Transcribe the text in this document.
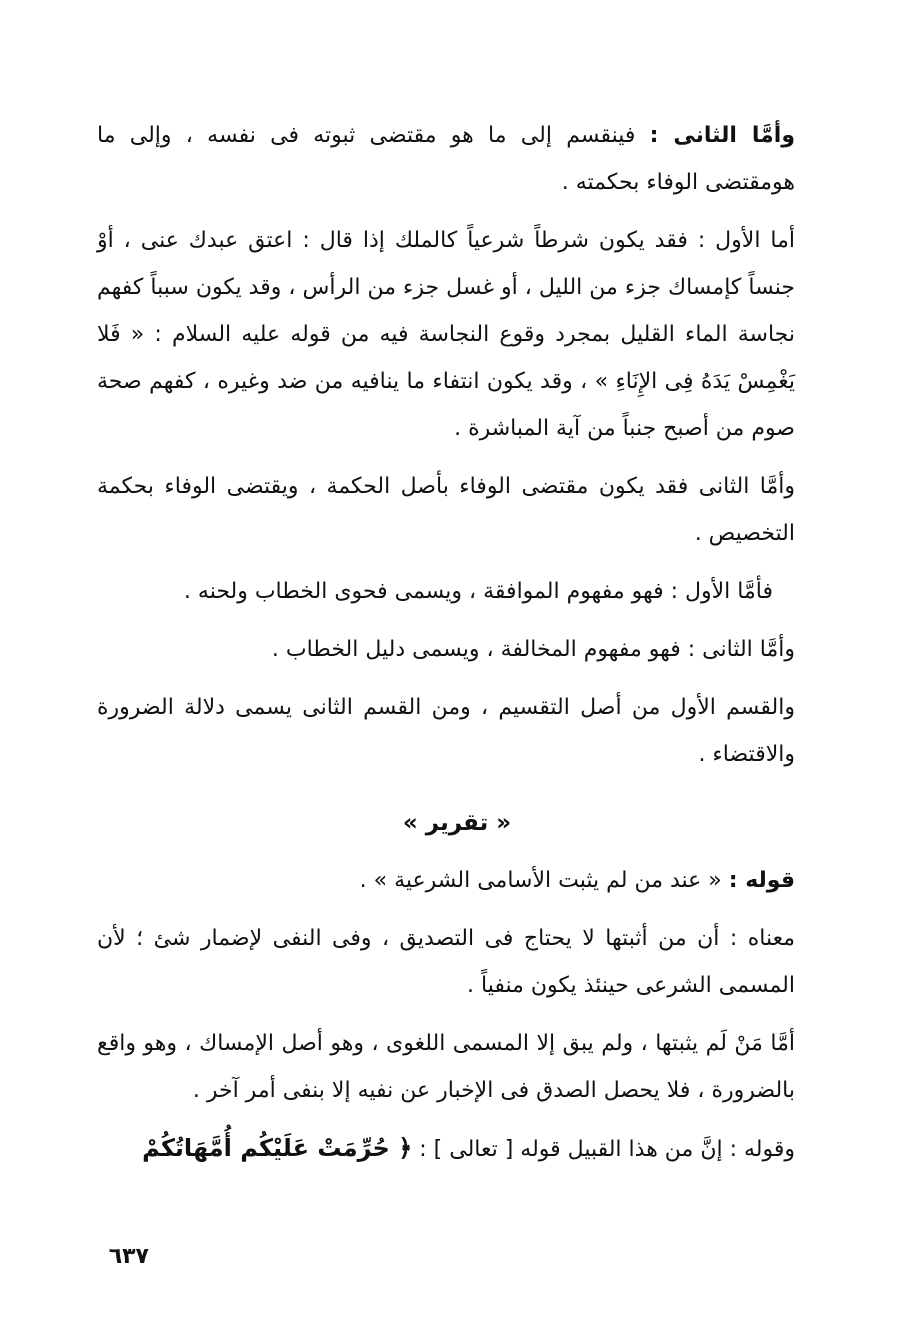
وأمَّا الثانى : فينقسم إلى ما هو مقتضى ثبوته فى نفسه ، وإلى ما هومقتضى الوفاء بحكمته .

أما الأول : فقد يكون شرطاً شرعياً كالملك إذا قال : اعتق عبدك عنى ، أوْ جنساً كإمساك جزء من الليل ، أو غسل جزء من الرأس ، وقد يكون سبباً كفهم نجاسة الماء القليل بمجرد وقوع النجاسة فيه من قوله عليه السلام : « فَلا يَغْمِسْ يَدَهُ فِى الإِنَاءِ » ، وقد يكون انتفاء ما ينافيه من ضد وغيره ، كفهم صحة صوم من أصبح جنباً من آية المباشرة .

وأمَّا الثانى فقد يكون مقتضى الوفاء بأصل الحكمة ، ويقتضى الوفاء بحكمة التخصيص .

فأمَّا الأول : فهو مفهوم الموافقة ، ويسمى فحوى الخطاب ولحنه .

وأمَّا الثانى : فهو مفهوم المخالفة ، ويسمى دليل الخطاب .

والقسم الأول من أصل التقسيم ، ومن القسم الثانى يسمى دلالة الضرورة والاقتضاء .

« تقرير »

قوله : « عند من لم يثبت الأسامى الشرعية » .

معناه : أن من أثبتها لا يحتاج فى التصديق ، وفى النفى لإضمار شئ ؛ لأن المسمى الشرعى حينئذ يكون منفياً .

أمَّا مَنْ لَم يثبتها ، ولم يبق إلا المسمى اللغوى ، وهو أصل الإمساك ، وهو واقع بالضرورة ، فلا يحصل الصدق فى الإخبار عن نفيه إلا بنفى أمر آخر .

وقوله : إنَّ من هذا القبيل قوله [ تعالى ] : ﴿ حُرِّمَتْ عَلَيْكُم أُمَّهَاتُكُمْ

٦٣٧
